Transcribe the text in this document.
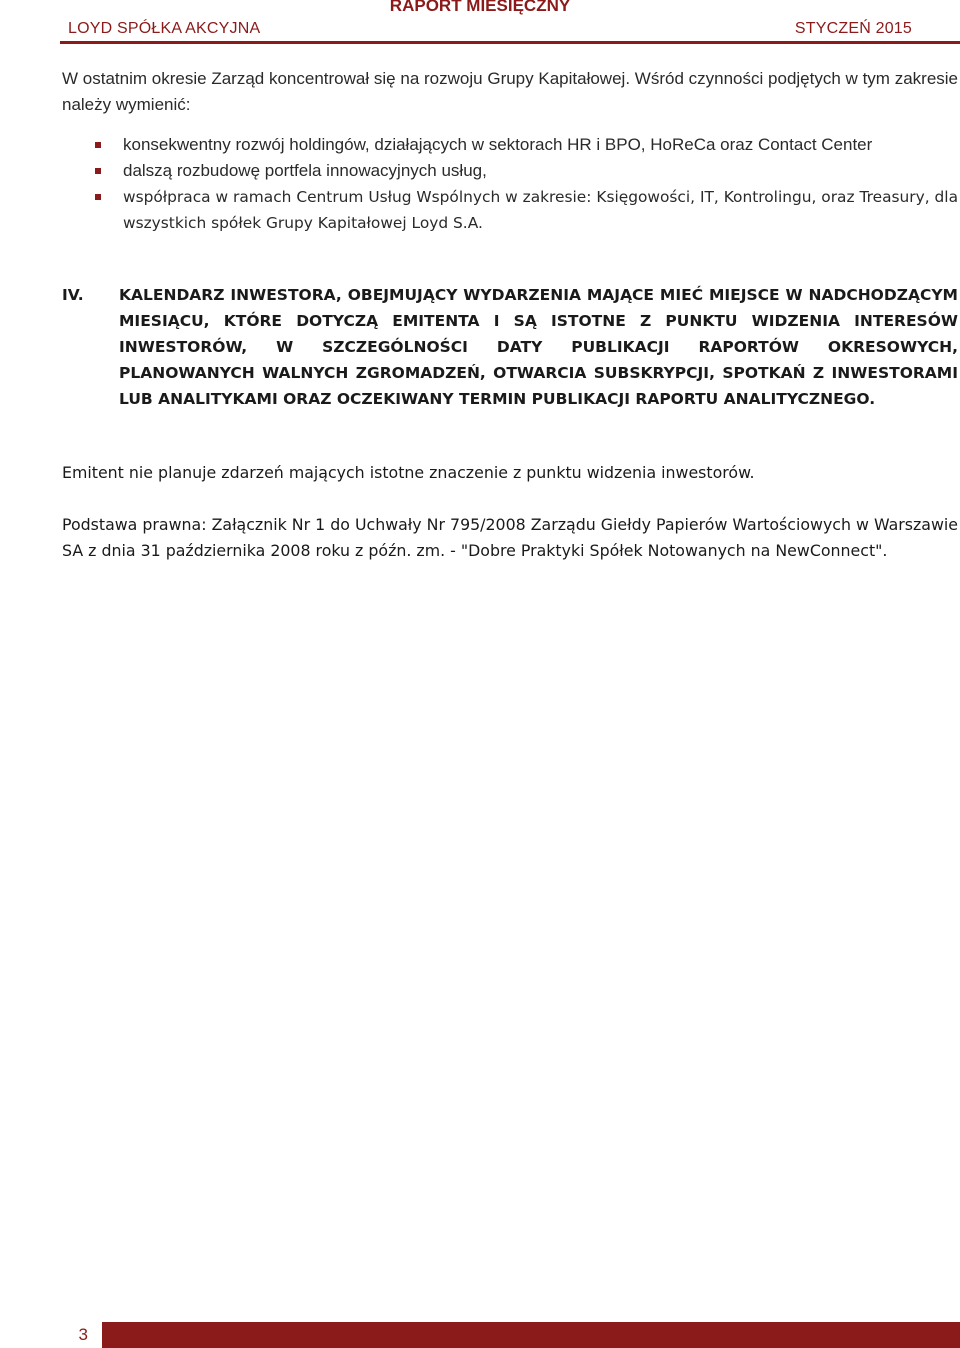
RAPORT MIESIĘCZNY
LOYD SPÓŁKA AKCYJNA	STYCZEŃ 2015

W ostatnim okresie Zarząd koncentrował się na rozwoju Grupy Kapitałowej. Wśród czynności podjętych w tym zakresie należy wymienić:

konsekwentny rozwój holdingów, działających w sektorach HR i BPO, HoReCa oraz Contact Center
dalszą rozbudowę portfela innowacyjnych usług,
współpraca w ramach Centrum Usług Wspólnych w zakresie: Księgowości, IT, Kontrolingu, oraz Treasury, dla wszystkich spółek Grupy Kapitałowej Loyd S.A.
IV. KALENDARZ INWESTORA, OBEJMUJĄCY WYDARZENIA MAJĄCE MIEĆ MIEJSCE W NADCHODZĄCYM MIESIĄCU, KTÓRE DOTYCZĄ EMITENTA I SĄ ISTOTNE Z PUNKTU WIDZENIA INTERESÓW INWESTORÓW, W SZCZEGÓLNOŚCI DATY PUBLIKACJI RAPORTÓW OKRESOWYCH, PLANOWANYCH WALNYCH ZGROMADZEŃ, OTWARCIA SUBSKRYPCJI, SPOTKAŃ Z INWESTORAMI LUB ANALITYKAMI ORAZ OCZEKIWANY TERMIN PUBLIKACJI RAPORTU ANALITYCZNEGO.

Emitent nie planuje zdarzeń mających istotne znaczenie z punktu widzenia inwestorów.

Podstawa prawna: Załącznik Nr 1 do Uchwały Nr 795/2008 Zarządu Giełdy Papierów Wartościowych w Warszawie SA z dnia 31 października 2008 roku z późn. zm. - "Dobre Praktyki Spółek Notowanych na NewConnect".

3
